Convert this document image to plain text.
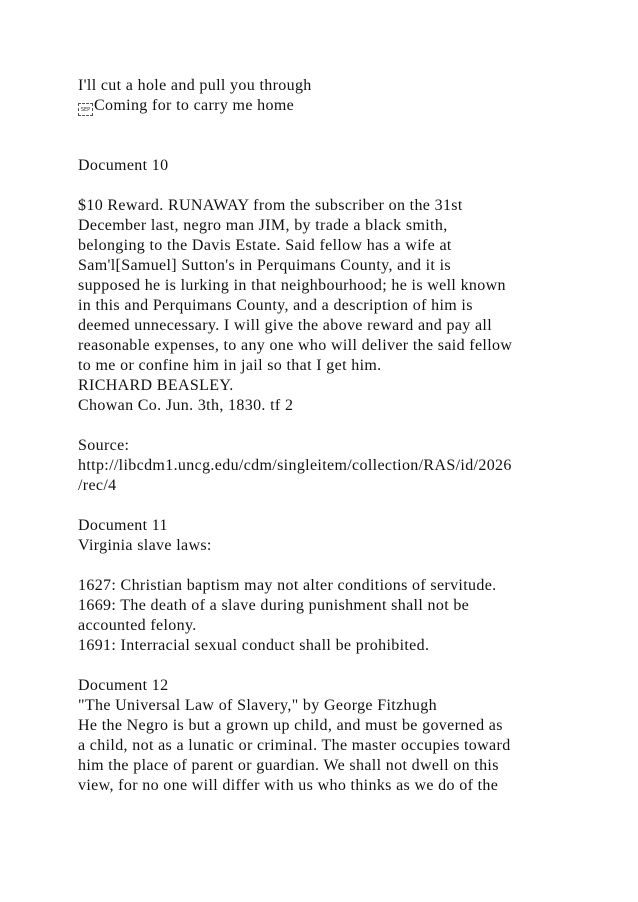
I'll cut a hole and pull you through
SEP Coming for to carry me home
Document 10
$10 Reward. RUNAWAY from the subscriber on the 31st
December last, negro man JIM, by trade a black smith,
belonging to the Davis Estate. Said fellow has a wife at
Sam'l[Samuel] Sutton's in Perquimans County, and it is
supposed he is lurking in that neighbourhood; he is well known
in this and Perquimans County, and a description of him is
deemed unnecessary. I will give the above reward and pay all
reasonable expenses, to any one who will deliver the said fellow
to me or confine him in jail so that I get him.
RICHARD BEASLEY.
Chowan Co. Jun. 3th, 1830. tf 2
Source:
http://libcdm1.uncg.edu/cdm/singleitem/collection/RAS/id/2026
/rec/4
Document 11
Virginia slave laws:
1627: Christian baptism may not alter conditions of servitude.
1669: The death of a slave during punishment shall not be
accounted felony.
1691: Interracial sexual conduct shall be prohibited.
Document 12
"The Universal Law of Slavery," by George Fitzhugh
He the Negro is but a grown up child, and must be governed as
a child, not as a lunatic or criminal. The master occupies toward
him the place of parent or guardian. We shall not dwell on this
view, for no one will differ with us who thinks as we do of the
